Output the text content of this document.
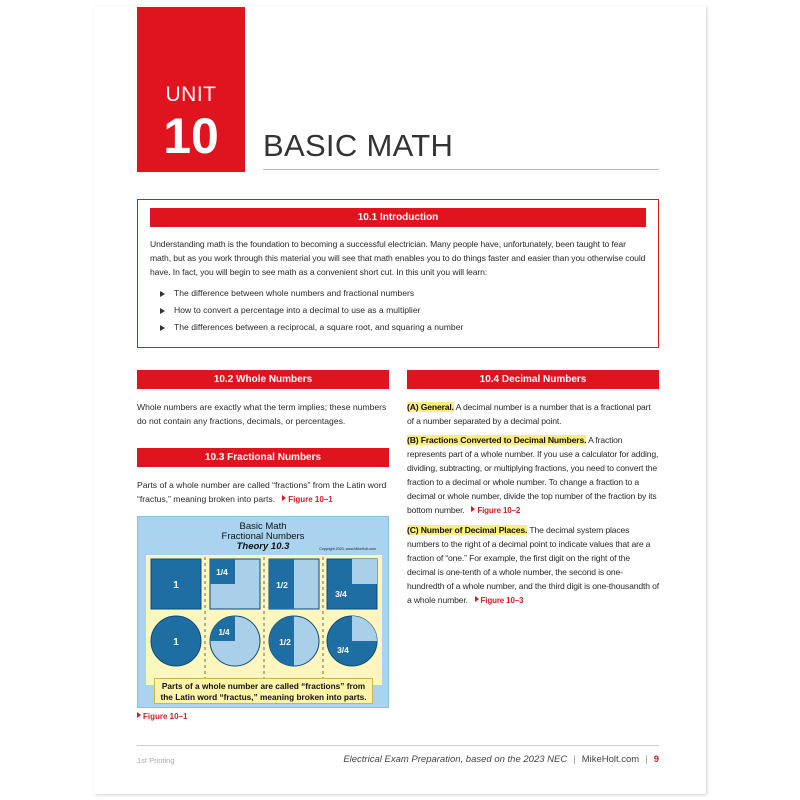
UNIT
10	BASIC MATH
10.1 Introduction

Understanding math is the foundation to becoming a successful electrician. Many people have, unfortunately, been taught to fear math, but as you work through this material you will see that math enables you to do things faster and easier than you otherwise could have. In fact, you will begin to see math as a convenient short cut. In this unit you will learn:

The difference between whole numbers and fractional numbers
How to convert a percentage into a decimal to use as a multiplier
The differences between a reciprocal, a square root, and squaring a number
10.2 Whole Numbers

Whole numbers are exactly what the term implies; these numbers do not contain any fractions, decimals, or percentages.

10.3 Fractional Numbers

Parts of a whole number are called “fractions” from the Latin word “fractus,” meaning broken into parts. Figure 10–1

Basic Math
Fractional Numbers
Theory 10.3	Copyright 2023, www.MikeHolt.com
1
1/4
1/2
3/4
1
1/4
1/2
3/4
Parts of a whole number are called “fractions” from
the Latin word “fractus,” meaning broken into parts.
Figure 10–1
10.4 Decimal Numbers

(A) General. A decimal number is a number that is a fractional part of a number separated by a decimal point.

(B) Fractions Converted to Decimal Numbers. A fraction represents part of a whole number. If you use a calculator for adding, dividing, subtracting, or multiplying fractions, you need to convert the fraction to a decimal or whole number. To change a fraction to a decimal or whole number, divide the top number of the fraction by its bottom number. Figure 10–2

(C) Number of Decimal Places. The decimal system places numbers to the right of a decimal point to indicate values that are a fraction of “one.” For example, the first digit on the right of the decimal is one-tenth of a whole number, the second is one-hundredth of a whole number, and the third digit is one-thousandth of a whole number. Figure 10–3

1st Printing	Electrical Exam Preparation, based on the 2023 NEC | MikeHolt.com | 9
